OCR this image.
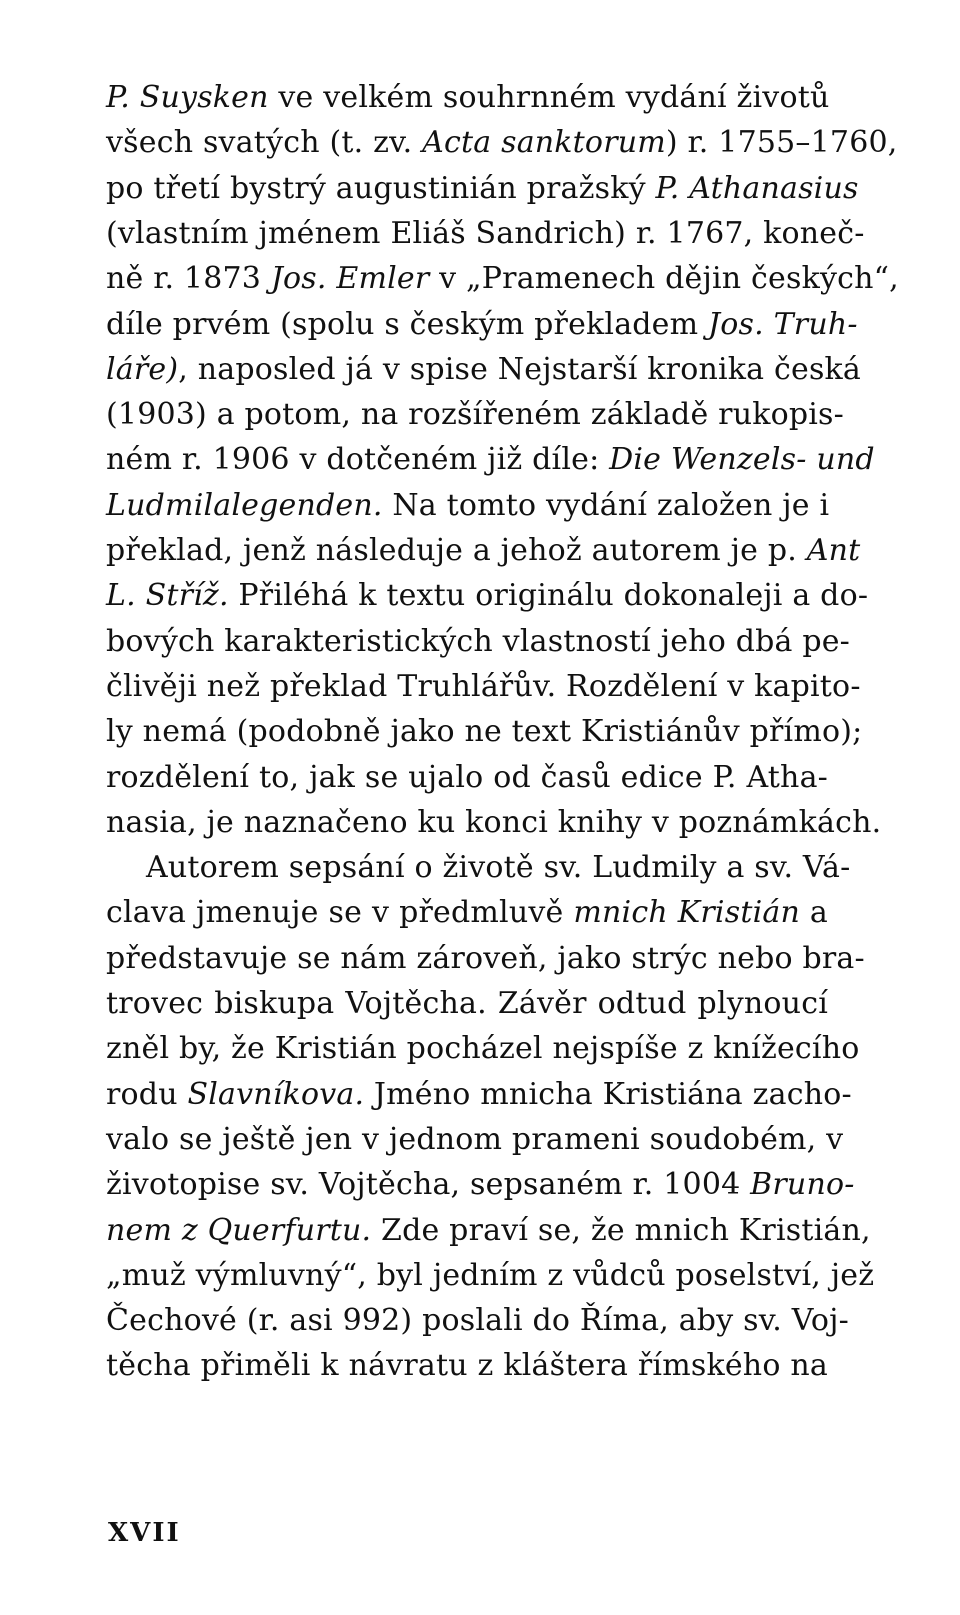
P. Suysken ve velkém souhrnném vydání životů
všech svatých (t. zv. Acta sanktorum) r. 1755–1760,
po třetí bystrý augustinián pražský P. Athanasius
(vlastním jménem Eliáš Sandrich) r. 1767, koneč-
ně r. 1873 Jos. Emler v „Pramenech dějin českých“,
díle prvém (spolu s českým překladem Jos. Truh-
láře), naposled já v spise Nejstarší kronika česká
(1903) a potom, na rozšířeném základě rukopis-
ném r. 1906 v dotčeném již díle: Die Wenzels- und
Ludmilalegenden. Na tomto vydání založen je i
překlad, jenž následuje a jehož autorem je p. Ant
L. Stříž. Přiléhá k textu originálu dokonaleji a do-
bových karakteristických vlastností jeho dbá pe-
člivěji než překlad Truhlářův. Rozdělení v kapito-
ly nemá (podobně jako ne text Kristiánův přímo);
rozdělení to, jak se ujalo od časů edice P. Atha-
nasia, je naznačeno ku konci knihy v poznámkách.
Autorem sepsání o životě sv. Ludmily a sv. Vá-
clava jmenuje se v předmluvě mnich Kristián a
představuje se nám zároveň, jako strýc nebo bra-
trovec biskupa Vojtěcha. Závěr odtud plynoucí
zněl by, že Kristián pocházel nejspíše z knížecího
rodu Slavníkova. Jméno mnicha Kristiána zacho-
valo se ještě jen v jednom prameni soudobém, v
životopise sv. Vojtěcha, sepsaném r. 1004 Bruno-
nem z Querfurtu. Zde praví se, že mnich Kristián,
„muž výmluvný“, byl jedním z vůdců poselství, jež
Čechové (r. asi 992) poslali do Říma, aby sv. Voj-
těcha přiměli k návratu z kláštera římského na
XVII
